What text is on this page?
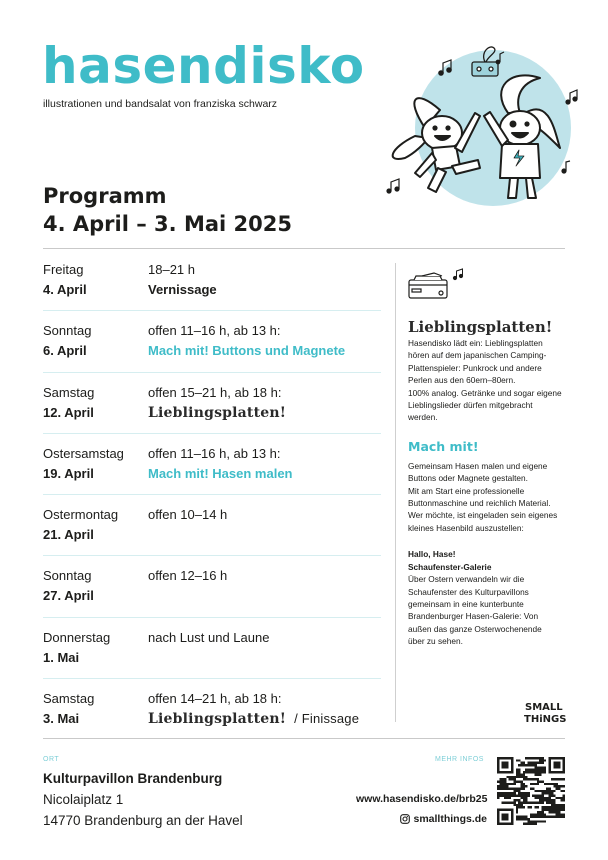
hasendisko
illustrationen und bandsalat von franziska schwarz
Programm
4. April – 3. Mai 2025
Freitag
4. April
18–21 h
Vernissage
Sonntag
6. April
offen 11–16 h, ab 13 h:
Mach mit! Buttons und Magnete
Samstag
12. April
offen 15–21 h, ab 18 h:
Lieblingsplatten!
Ostersamstag
19. April
offen 11–16 h, ab 13 h:
Mach mit! Hasen malen
Ostermontag
21. April
offen 10–14 h
Sonntag
27. April
offen 12–16 h
Donnerstag
1. Mai
nach Lust und Laune
Samstag
3. Mai
offen 14–21 h, ab 18 h:
Lieblingsplatten! / Finissage
Lieblingsplatten!

Hasendisko lädt ein: Lieblingsplatten
hören auf dem japanischen Camping-
Plattenspieler: Punkrock und andere
Perlen aus den 60ern–80ern.
100% analog. Getränke und sogar eigene
Lieblingslieder dürfen mitgebracht
werden.

Mach mit!

Gemeinsam Hasen malen und eigene
Buttons oder Magnete gestalten.
Mit am Start eine professionelle
Buttonmaschine und reichlich Material.
Wer möchte, ist eingeladen sein eigenes
kleines Hasenbild auszustellen:

Hallo, Hase!
Schaufenster-Galerie
Über Ostern verwandeln wir die
Schaufenster des Kulturpavillons
gemeinsam in eine kunterbunte
Brandenburger Hasen-Galerie: Von
außen das ganze Osterwochenende
über zu sehen.

SMALL
THiNGS
ORT
Kulturpavillon Brandenburg
Nicolaiplatz 1
14770 Brandenburg an der Havel
MEHR INFOS
www.hasendisko.de/brb25
smallthings.de
